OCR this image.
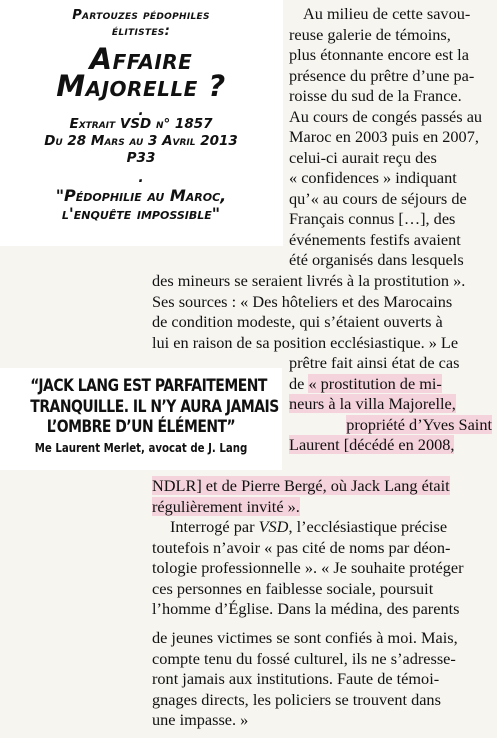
Partouzes pédophiles
élitistes:
Affaire
Majorelle ?
.
Extrait VSD n° 1857
Du 28 Mars au 3 Avril 2013
P33
.
"Pédophilie au Maroc,
l'enquête impossible"
“JACK LANG EST PARFAITEMENT
TRANQUILLE. IL N’Y AURA JAMAIS
L’OMBRE D’UN ÉLÉMENT”
Me Laurent Merlet, avocat de J. Lang

Au milieu de cette savou-

reuse galerie de témoins,

plus étonnante encore est la

présence du prêtre d’une pa-

roisse du sud de la France.

Au cours de congés passés au

Maroc en 2003 puis en 2007,

celui-ci aurait reçu des

« confidences » indiquant

qu’« au cours de séjours de

Français connus […], des

événements festifs avaient

été organisés dans lesquels

des mineurs se seraient livrés à la prostitution ».

Ses sources : « Des hôteliers et des Marocains

de condition modeste, qui s’étaient ouverts à

lui en raison de sa position ecclésiastique. » Le

prêtre fait ainsi état de cas

de « prostitution de mi-

neurs à la villa Majorelle,

propriété d’Yves Saint

Laurent [décédé en 2008,

NDLR] et de Pierre Bergé, où Jack Lang était

régulièrement invité ».

Interrogé par VSD, l’ecclésiastique précise

toutefois n’avoir « pas cité de noms par déon-

tologie professionnelle ». « Je souhaite protéger

ces personnes en faiblesse sociale, poursuit

l’homme d’Église. Dans la médina, des parents

de jeunes victimes se sont confiés à moi. Mais,

compte tenu du fossé culturel, ils ne s’adresse-

ront jamais aux institutions. Faute de témoi-

gnages directs, les policiers se trouvent dans

une impasse. »
